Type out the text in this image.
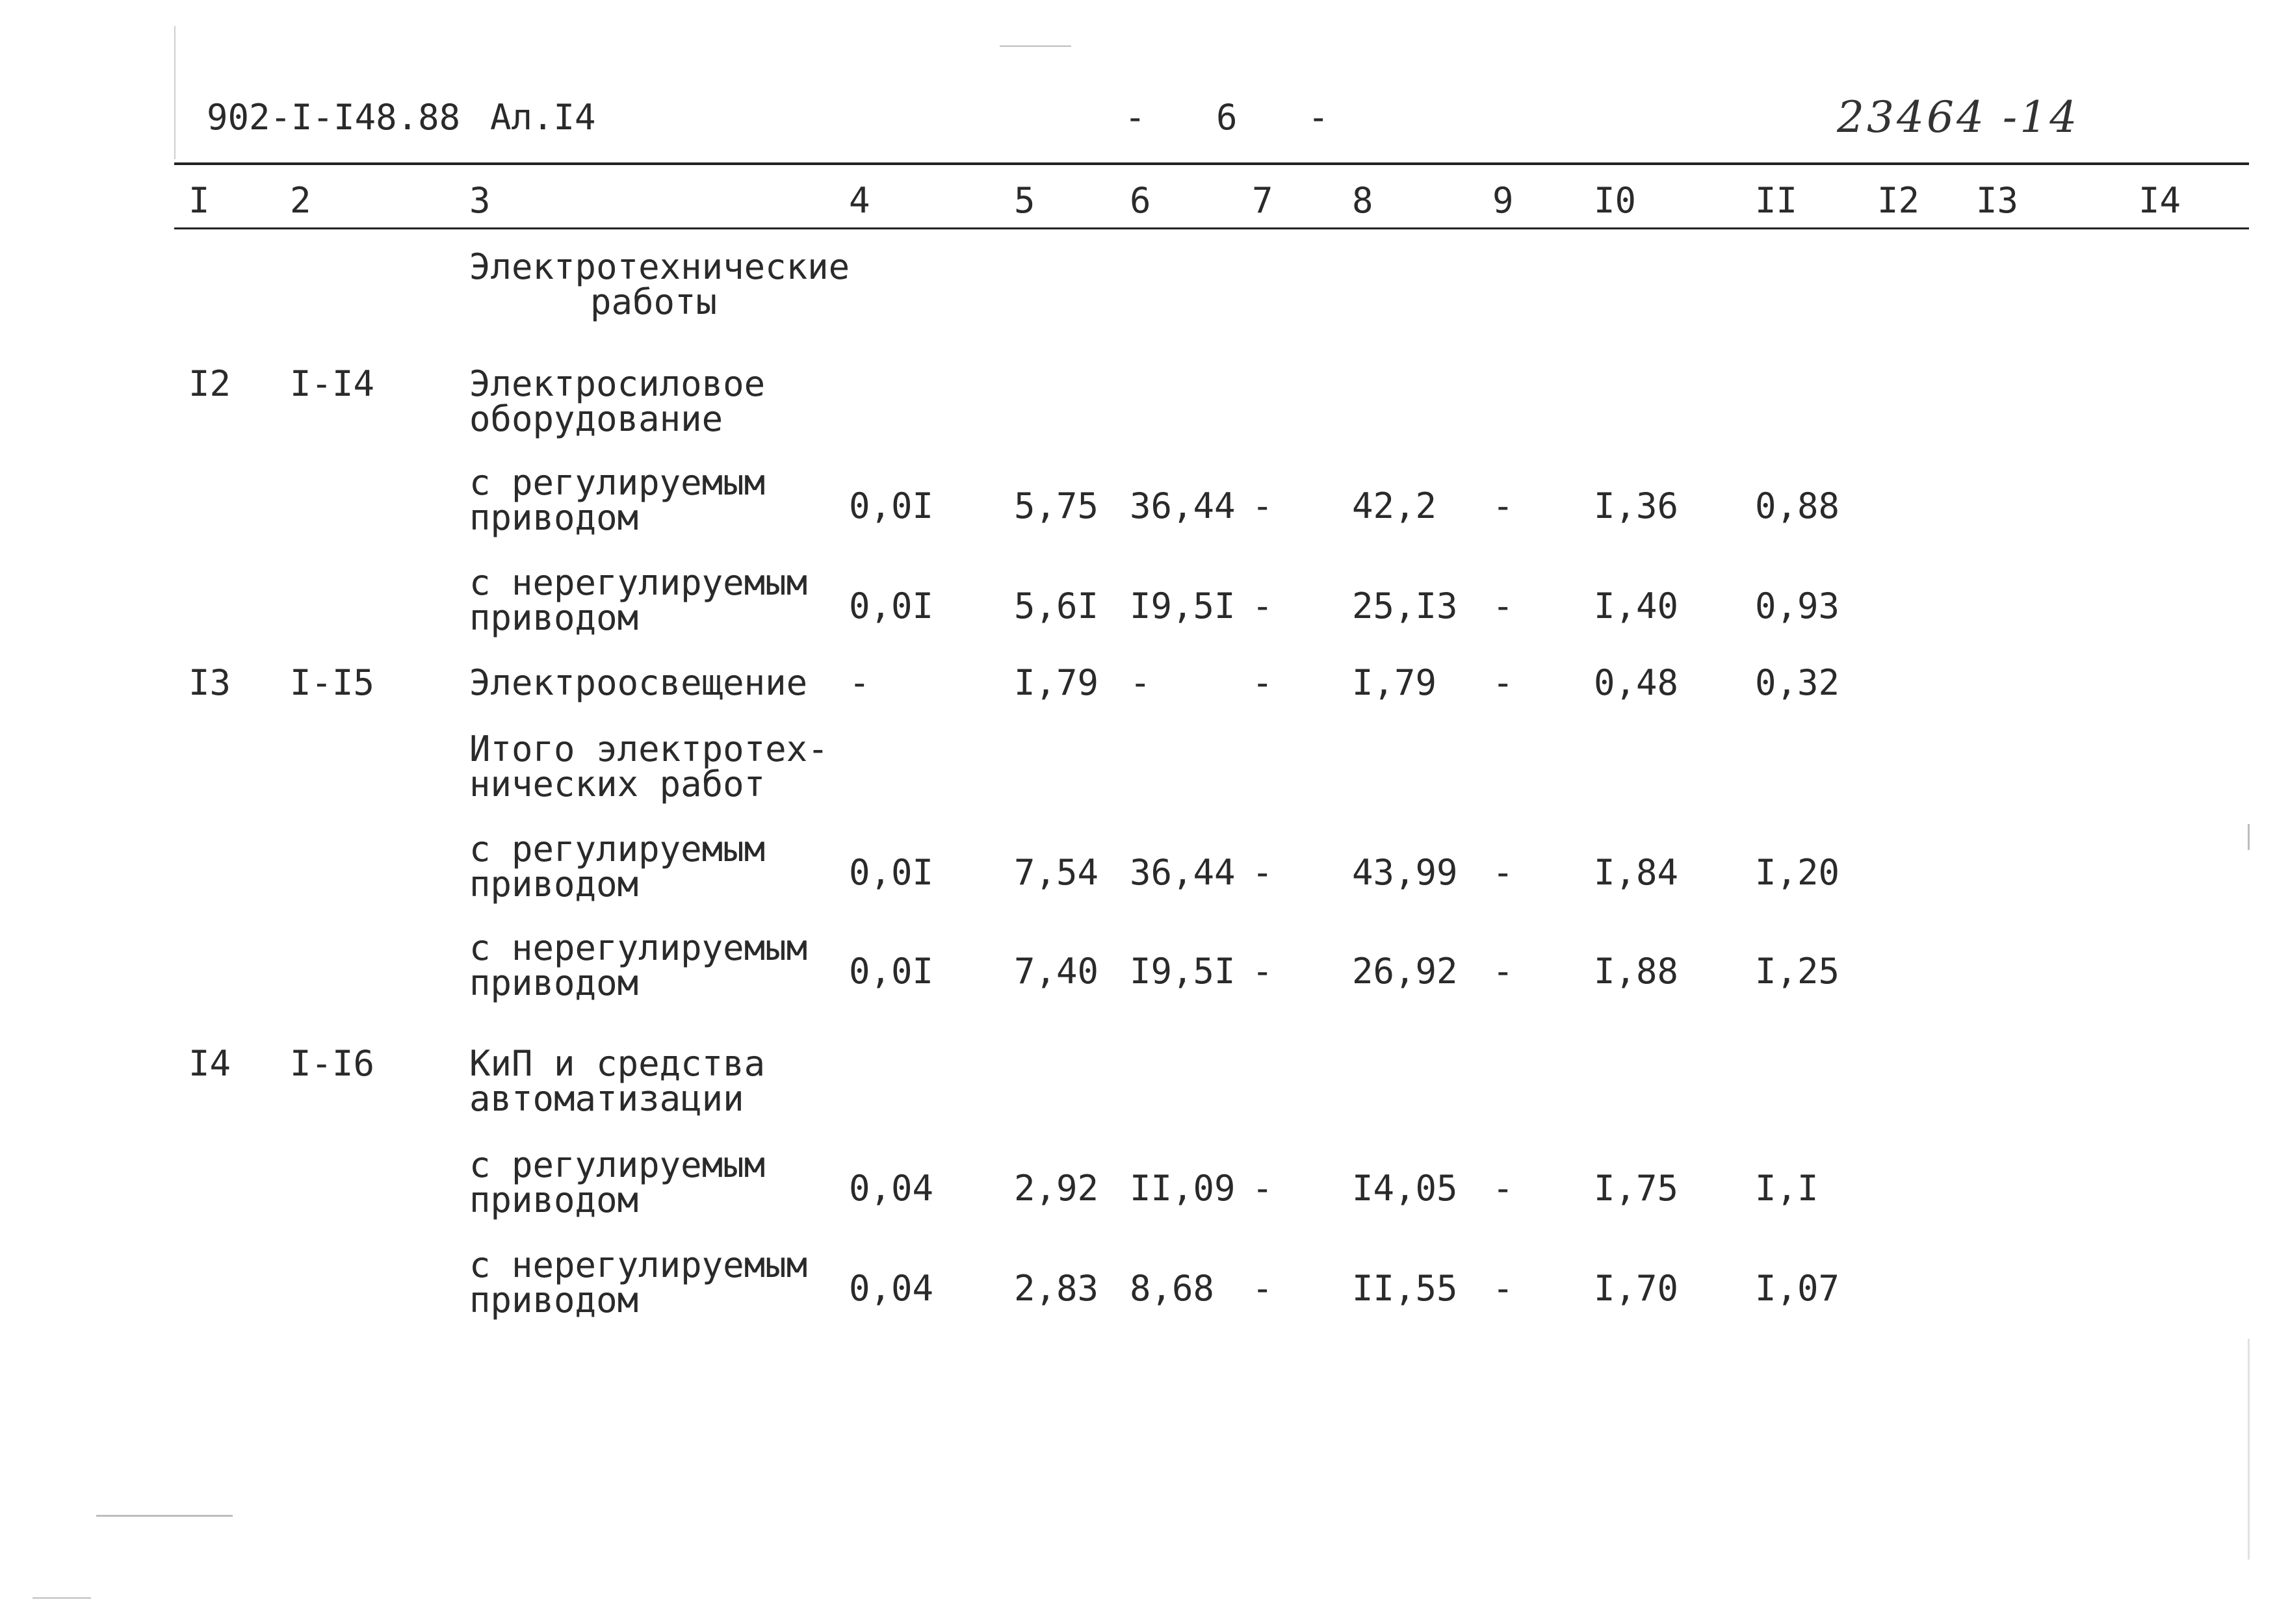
902-I-I48.88 Ал.I4	- 6 -	23464 -14
I 2	3	4	5	6	7 8	9 I0	II I2 I3	I4
Электротехнические
работы
I2 I-I4	Электросиловое
оборудование
с регулируемым
приводом	0,0I 5,75 36,44 - 42,2 - I,36 0,88
с нерегулируемым
приводом	0,0I 5,6I I9,5I - 25,I3 - I,40 0,93
I3 I-I5	Электроосвещение -	I,79 -	- I,79 - 0,48 0,32
Итого электротех-
нических работ
с регулируемым
приводом	0,0I 7,54 36,44 - 43,99 - I,84 I,20
с нерегулируемым
приводом	0,0I 7,40 I9,5I - 26,92 - I,88 I,25
I4 I-I6	КиП и средства
автоматизации
с регулируемым
приводом	0,04 2,92 II,09 - I4,05 - I,75 I,I
с нерегулируемым
приводом	0,04 2,83 8,68 - II,55 - I,70 I,07
